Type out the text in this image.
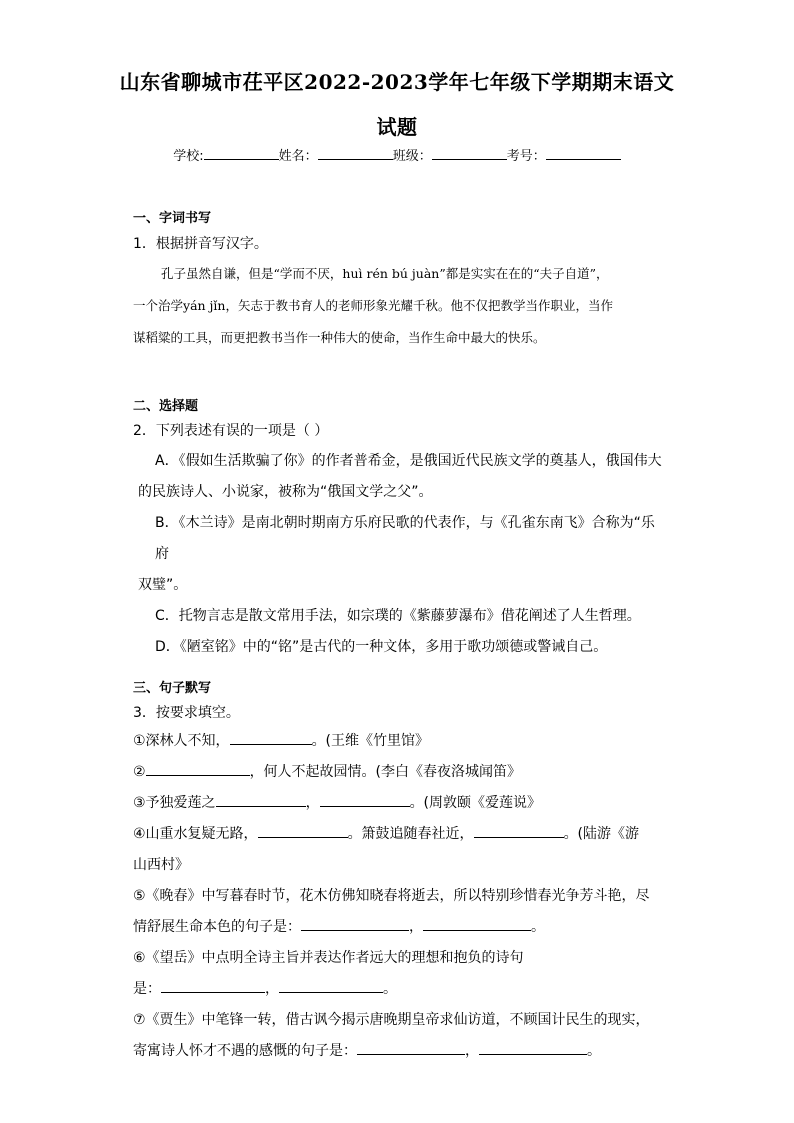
山东省聊城市茌平区2022-2023学年七年级下学期期末语文
试题
学校:	姓名：	班级：	考号：
一、字词书写
1．根据拼音写汉字。
孔子虽然自谦，但是“学而不厌，huì rén bú juàn”都是实实在在的“夫子自道”，
一个治学yán jǐn，矢志于教书育人的老师形象光耀千秋。他不仅把教学当作职业，当作
谋稻粱的工具，而更把教书当作一种伟大的使命，当作生命中最大的快乐。
二、选择题
2．下列表述有误的一项是（ ）
A．《假如生活欺骗了你》的作者普希金，是俄国近代民族文学的奠基人，俄国伟大
的民族诗人、小说家，被称为“俄国文学之父”。
B．《木兰诗》是南北朝时期南方乐府民歌的代表作，与《孔雀东南飞》合称为“乐府
双璧”。
C．托物言志是散文常用手法，如宗璞的《紫藤萝瀑布》借花阐述了人生哲理。
D．《陋室铭》中的“铭”是古代的一种文体，多用于歌功颂德或警诫自己。
三、句子默写
3．按要求填空。
①深林人不知，	。(王维《竹里馆》
②	，何人不起故园情。(李白《春夜洛城闻笛》
③予独爱莲之	，	。(周敦颐《爱莲说》
④山重水复疑无路，	。箫鼓追随春社近，	。(陆游《游
山西村》
⑤《晚春》中写暮春时节，花木仿佛知晓春将逝去，所以特别珍惜春光争芳斗艳，尽
情舒展生命本色的句子是：	，	。
⑥《望岳》中点明全诗主旨并表达作者远大的理想和抱负的诗句
是：	，	。
⑦《贾生》中笔锋一转，借古讽今揭示唐晚期皇帝求仙访道，不顾国计民生的现实，
寄寓诗人怀才不遇的感慨的句子是：	，	。
